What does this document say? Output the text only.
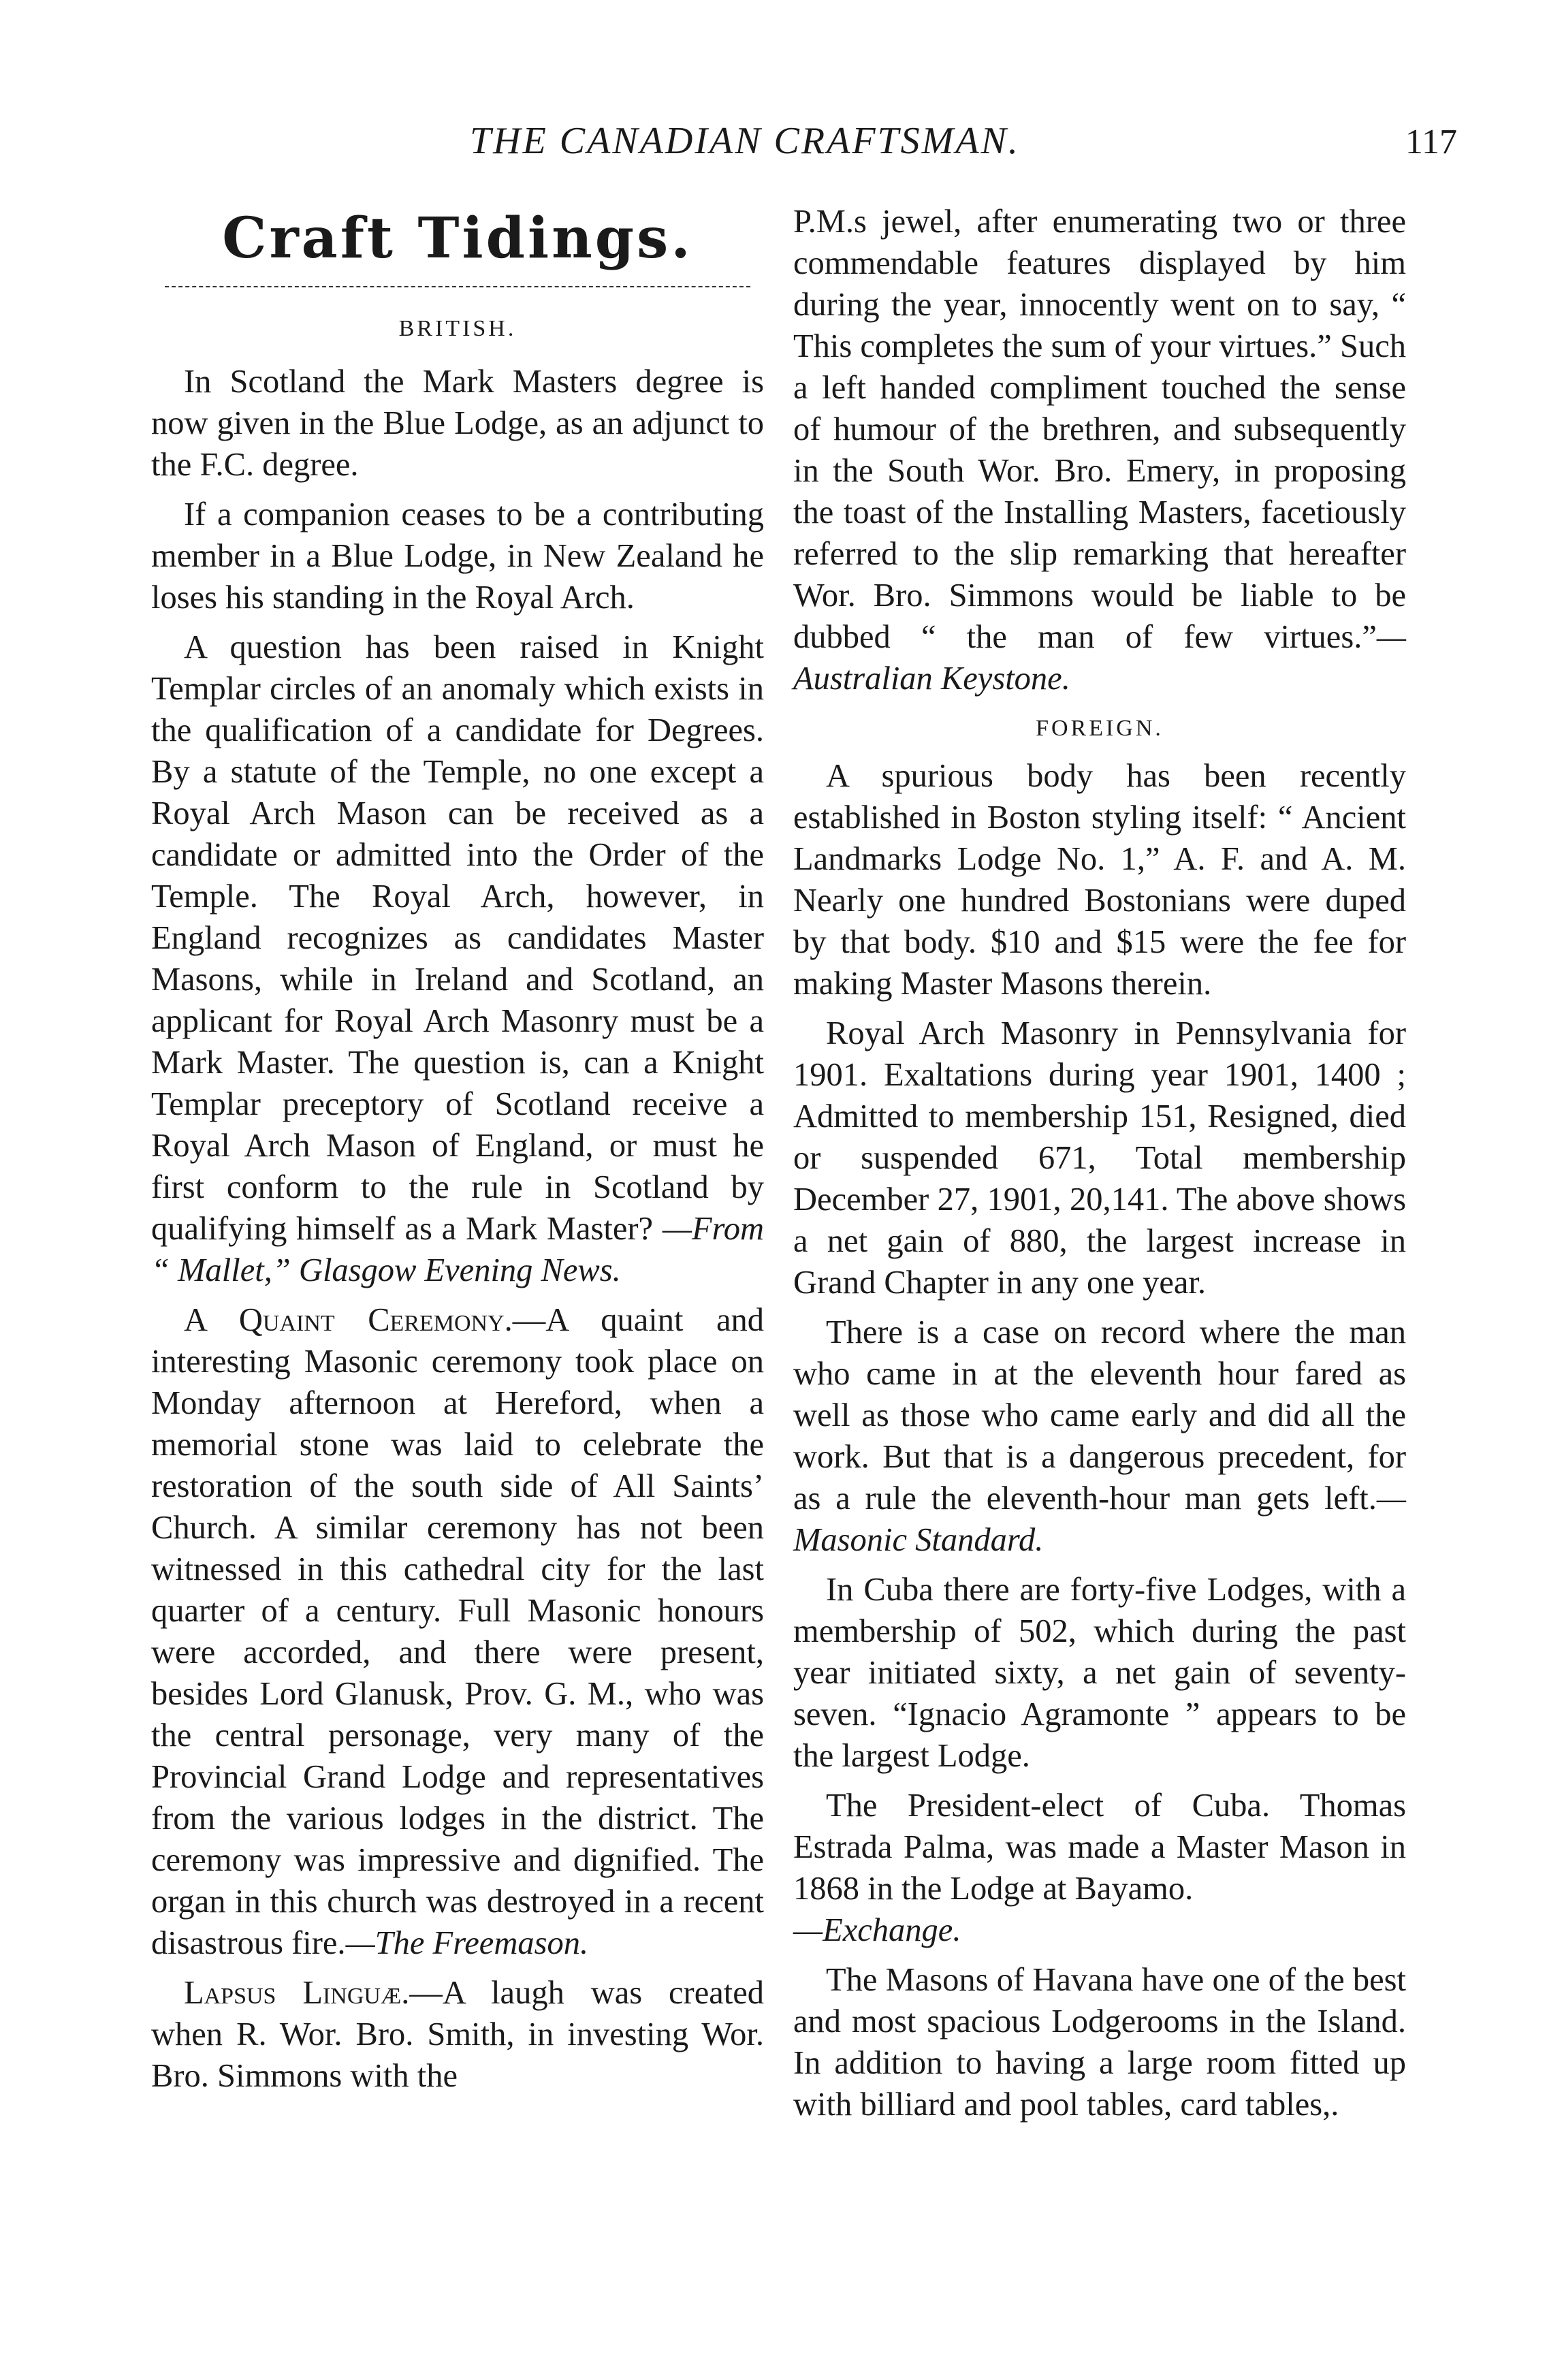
THE CANADIAN CRAFTSMAN.	117
Craft Tidings.
BRITISH.

In Scotland the Mark Masters degree is now given in the Blue Lodge, as an adjunct to the F.C. degree.

If a companion ceases to be a contributing member in a Blue Lodge, in New Zealand he loses his standing in the Royal Arch.

A question has been raised in Knight Templar circles of an anomaly which exists in the qualification of a candidate for Degrees. By a statute of the Temple, no one except a Royal Arch Mason can be received as a candidate or admitted into the Order of the Temple. The Royal Arch, however, in England recognizes as candidates Master Masons, while in Ireland and Scotland, an applicant for Royal Arch Masonry must be a Mark Master. The question is, can a Knight Templar preceptory of Scotland receive a Royal Arch Mason of England, or must he first conform to the rule in Scotland by qualifying himself as a Mark Master? —From “ Mallet,” Glasgow Evening News.

A Quaint Ceremony.—A quaint and interesting Masonic ceremony took place on Monday afternoon at Hereford, when a memorial stone was laid to celebrate the restoration of the south side of All Saints’ Church. A similar ceremony has not been witnessed in this cathedral city for the last quarter of a century. Full Masonic honours were accorded, and there were present, besides Lord Glanusk, Prov. G. M., who was the central personage, very many of the Provincial Grand Lodge and representatives from the various lodges in the district. The ceremony was impressive and dignified. The organ in this church was destroyed in a recent disastrous fire.—The Freemason.

Lapsus Linguæ.—A laugh was created when R. Wor. Bro. Smith, in investing Wor. Bro. Simmons with the

P.M.s jewel, after enumerating two or three commendable features displayed by him during the year, innocently went on to say, “ This completes the sum of your virtues.” Such a left handed compliment touched the sense of humour of the brethren, and subsequently in the South Wor. Bro. Emery, in proposing the toast of the Installing Masters, facetiously referred to the slip remarking that hereafter Wor. Bro. Simmons would be liable to be dubbed “ the man of few virtues.”—Australian Keystone.

FOREIGN.

A spurious body has been recently established in Boston styling itself: “ Ancient Landmarks Lodge No. 1,” A. F. and A. M. Nearly one hundred Bostonians were duped by that body. $10 and $15 were the fee for making Master Masons therein.

Royal Arch Masonry in Pennsylvania for 1901. Exaltations during year 1901, 1400 ; Admitted to membership 151, Resigned, died or suspended 671, Total membership December 27, 1901, 20,141. The above shows a net gain of 880, the largest increase in Grand Chapter in any one year.

There is a case on record where the man who came in at the eleventh hour fared as well as those who came early and did all the work. But that is a dangerous precedent, for as a rule the eleventh-hour man gets left.—Masonic Standard.

In Cuba there are forty-five Lodges, with a membership of 502, which during the past year initiated sixty, a net gain of seventy-seven. “Ignacio Agramonte ” appears to be the largest Lodge.

The President-elect of Cuba. Thomas Estrada Palma, was made a Master Mason in 1868 in the Lodge at Bayamo.
—Exchange.

The Masons of Havana have one of the best and most spacious Lodgerooms in the Island. In addition to having a large room fitted up with billiard and pool tables, card tables,.
